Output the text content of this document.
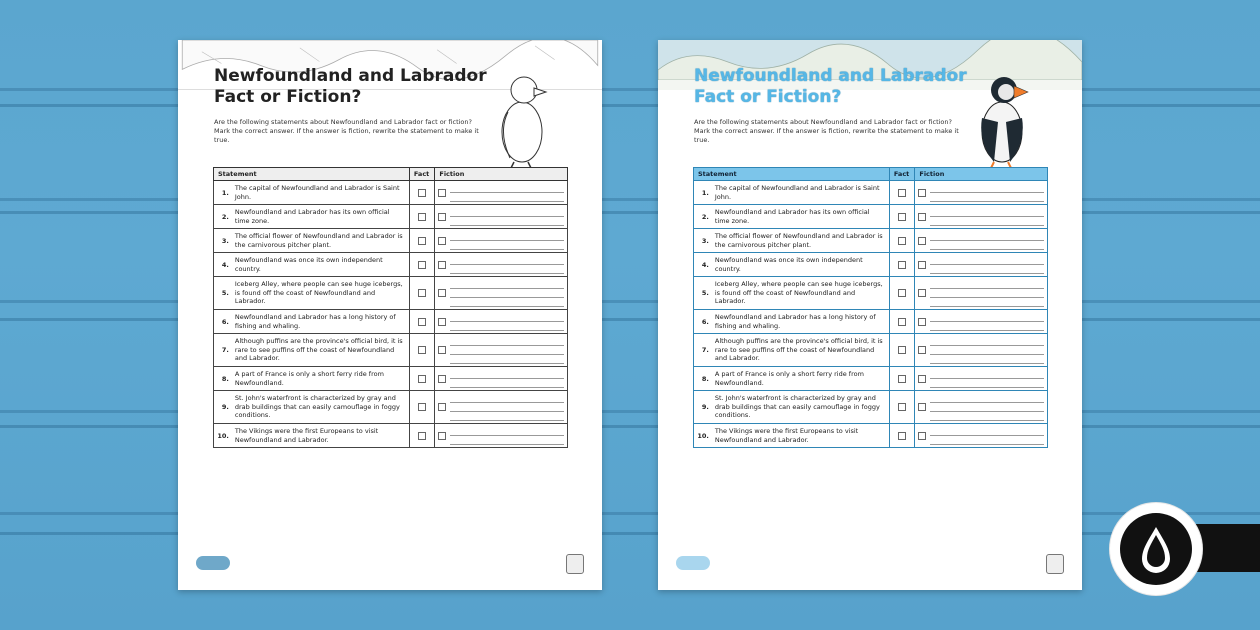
Newfoundland and Labrador
Fact or Fiction?
Are the following statements about Newfoundland and Labrador fact or fiction? Mark the correct answer. If the answer is fiction, rewrite the statement to make it true.
Statement		Fact	Fiction
1.	The capital of Newfoundland and Labrador is Saint John.		

2.	Newfoundland and Labrador has its own official time zone.		

3.	The official flower of Newfoundland and Labrador is the carnivorous pitcher plant.		

4.	Newfoundland was once its own independent country.		

5.	Iceberg Alley, where people can see huge icebergs, is found off the coast of Newfoundland and Labrador.		

6.	Newfoundland and Labrador has a long history of fishing and whaling.		

7.	Although puffins are the province's official bird, it is rare to see puffins off the coast of Newfoundland and Labrador.		

8.	A part of France is only a short ferry ride from Newfoundland.		

9.	St. John's waterfront is characterized by gray and drab buildings that can easily camouflage in foggy conditions.		

10.	The Vikings were the first Europeans to visit Newfoundland and Labrador.		
Newfoundland and Labrador
Fact or Fiction?
Are the following statements about Newfoundland and Labrador fact or fiction? Mark the correct answer. If the answer is fiction, rewrite the statement to make it true.
Statement		Fact	Fiction
1.	The capital of Newfoundland and Labrador is Saint John.		

2.	Newfoundland and Labrador has its own official time zone.		

3.	The official flower of Newfoundland and Labrador is the carnivorous pitcher plant.		

4.	Newfoundland was once its own independent country.		

5.	Iceberg Alley, where people can see huge icebergs, is found off the coast of Newfoundland and Labrador.		

6.	Newfoundland and Labrador has a long history of fishing and whaling.		

7.	Although puffins are the province's official bird, it is rare to see puffins off the coast of Newfoundland and Labrador.		

8.	A part of France is only a short ferry ride from Newfoundland.		

9.	St. John's waterfront is characterized by gray and drab buildings that can easily camouflage in foggy conditions.		

10.	The Vikings were the first Europeans to visit Newfoundland and Labrador.		
